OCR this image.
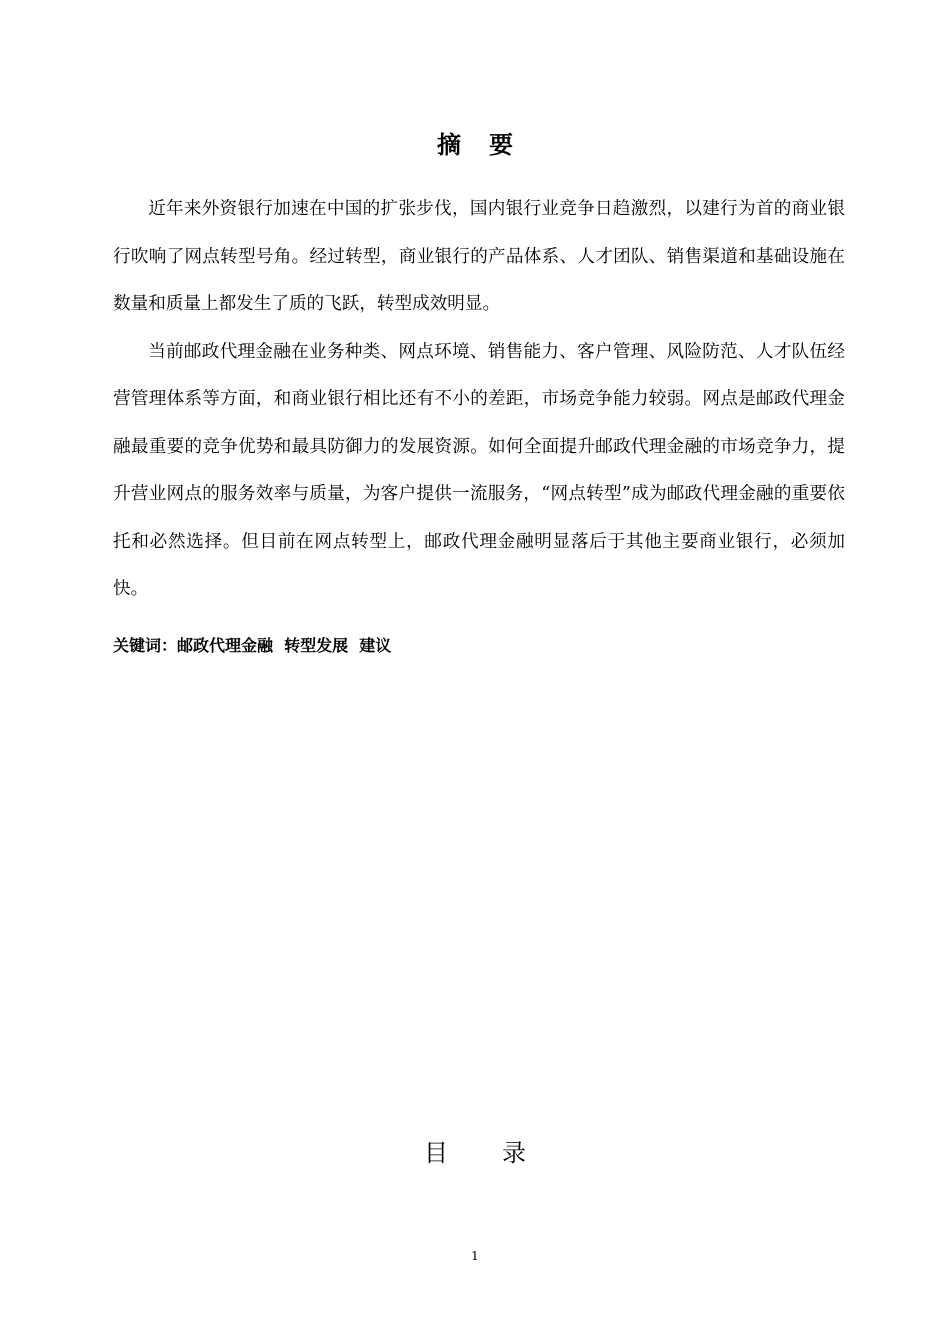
摘要

近年来外资银行加速在中国的扩张步伐，国内银行业竞争日趋激烈，以建行为首的商业银行吹响了网点转型号角。经过转型，商业银行的产品体系、人才团队、销售渠道和基础设施在数量和质量上都发生了质的飞跃，转型成效明显。

当前邮政代理金融在业务种类、网点环境、销售能力、客户管理、风险防范、人才队伍经营管理体系等方面，和商业银行相比还有不小的差距，市场竞争能力较弱。网点是邮政代理金融最重要的竞争优势和最具防御力的发展资源。如何全面提升邮政代理金融的市场竞争力，提升营业网点的服务效率与质量，为客户提供一流服务，“网点转型”成为邮政代理金融的重要依托和必然选择。但目前在网点转型上，邮政代理金融明显落后于其他主要商业银行，必须加快。

关键词：邮政代理金融  转型发展  建议
目录
1
